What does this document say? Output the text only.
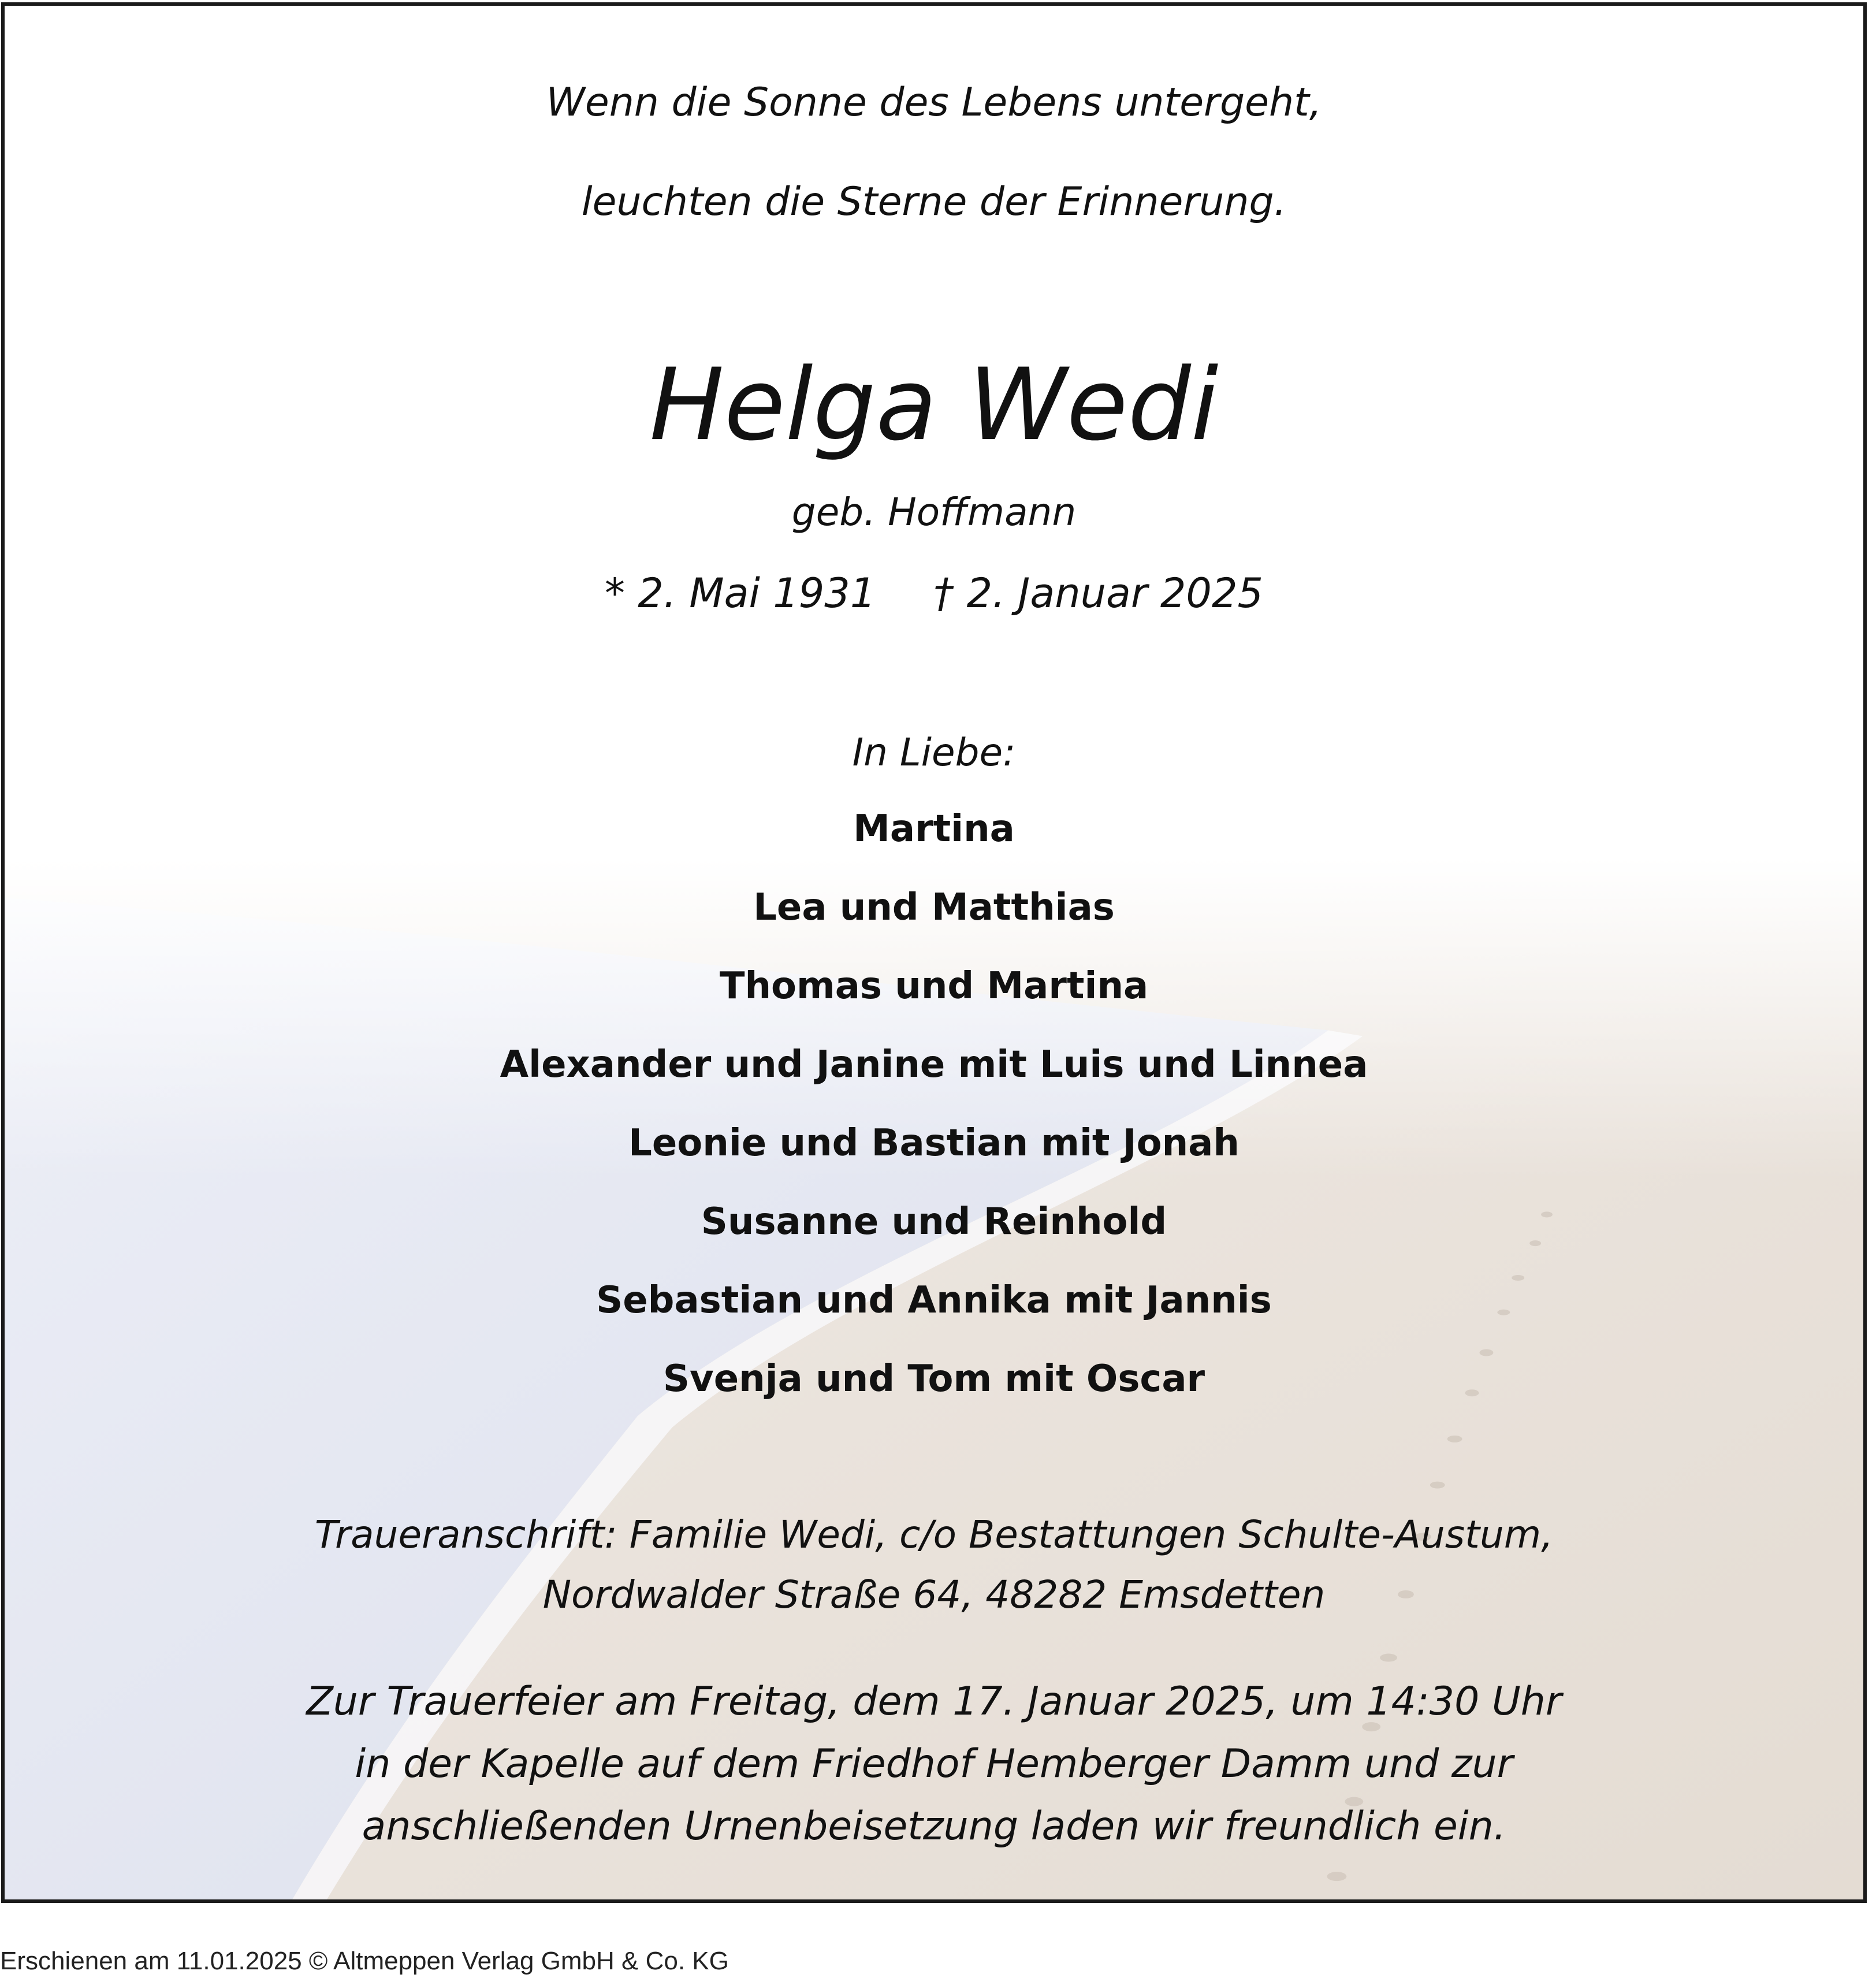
Wenn die Sonne des Lebens untergeht,
leuchten die Sterne der Erinnerung.
Helga Wedi
geb. Hoffmann
* 2. Mai 1931 † 2. Januar 2025
In Liebe:
Martina
Lea und Matthias
Thomas und Martina
Alexander und Janine mit Luis und Linnea
Leonie und Bastian mit Jonah
Susanne und Reinhold
Sebastian und Annika mit Jannis
Svenja und Tom mit Oscar
Traueranschrift: Familie Wedi, c/o Bestattungen Schulte-Austum,
Nordwalder Straße 64, 48282 Emsdetten
Zur Trauerfeier am Freitag, dem 17. Januar 2025, um 14:30 Uhr
in der Kapelle auf dem Friedhof Hemberger Damm und zur
anschließenden Urnenbeisetzung laden wir freundlich ein.
Erschienen am 11.01.2025 © Altmeppen Verlag GmbH & Co. KG
